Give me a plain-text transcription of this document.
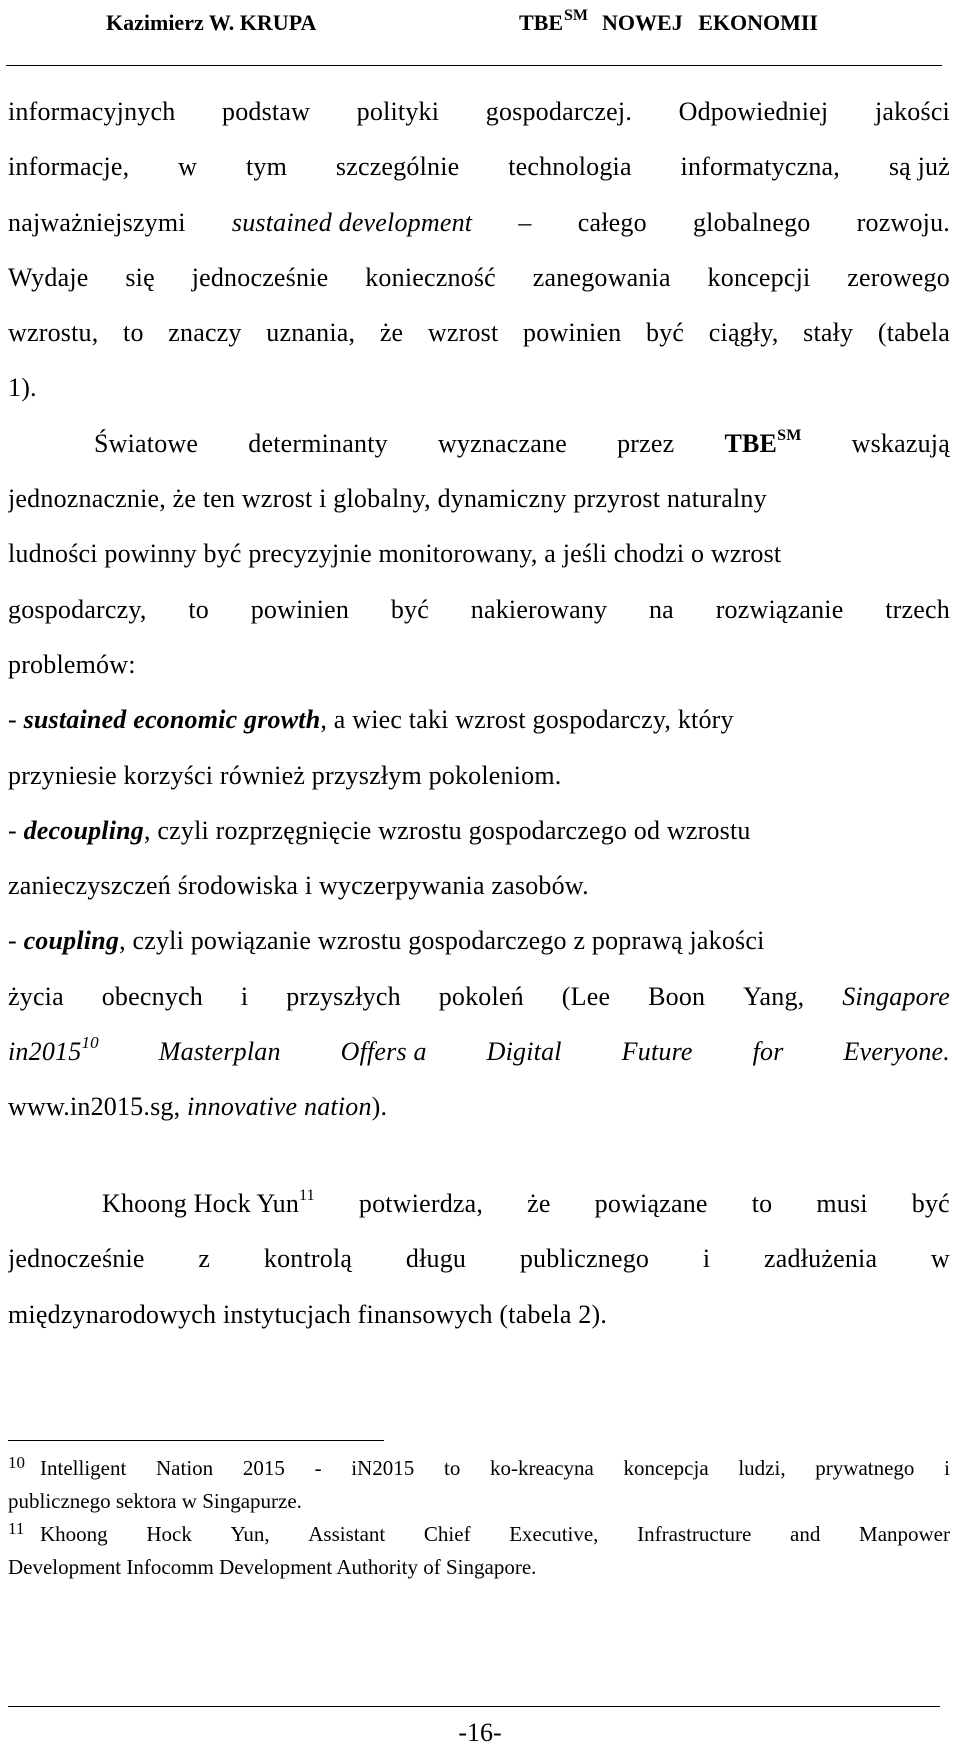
Kazimierz W. KRUPA	TBE℠ NOWEJ EKONOMII
informacyjnych podstaw polityki gospodarczej. Odpowiedniej jakości
informacje, w tym szczególnie technologia informatyczna, są już
najważniejszymi sustained development – całego globalnego rozwoju.
Wydaje się jednocześnie konieczność zanegowania koncepcji zerowego
wzrostu, to znaczy uznania, że wzrost powinien być ciągły, stały (tabela
1).
Światowe determinanty wyznaczane przez TBE℠ wskazują
jednoznacznie, że ten wzrost i globalny, dynamiczny przyrost naturalny
ludności powinny być precyzyjnie monitorowany, a jeśli chodzi o wzrost
gospodarczy, to powinien być nakierowany na rozwiązanie trzech
problemów:
- sustained economic growth, a wiec taki wzrost gospodarczy, który
przyniesie korzyści również przyszłym pokoleniom.
- decoupling, czyli rozprzęgnięcie wzrostu gospodarczego od wzrostu
zanieczyszczeń środowiska i wyczerpywania zasobów.
- coupling, czyli powiązanie wzrostu gospodarczego z poprawą jakości
życia obecnych i przyszłych pokoleń (Lee Boon Yang, Singapore
in2015$^{10}$ Masterplan Offers a Digital Future for Everyone.
www.in2015.sg, innovative nation).
Khoong Hock Yun$^{11}$ potwierdza, że powiązane to musi być
jednocześnie z kontrolą długu publicznego i zadłużenia w
międzynarodowych instytucjach finansowych (tabela 2).
10 Intelligent Nation 2015 - iN2015 to ko-kreacyna koncepcja ludzi, prywatnego i
publicznego sektora w Singapurze.
11 Khoong Hock Yun, Assistant Chief Executive, Infrastructure and Manpower
Development Infocomm Development Authority of Singapore.
-16-
